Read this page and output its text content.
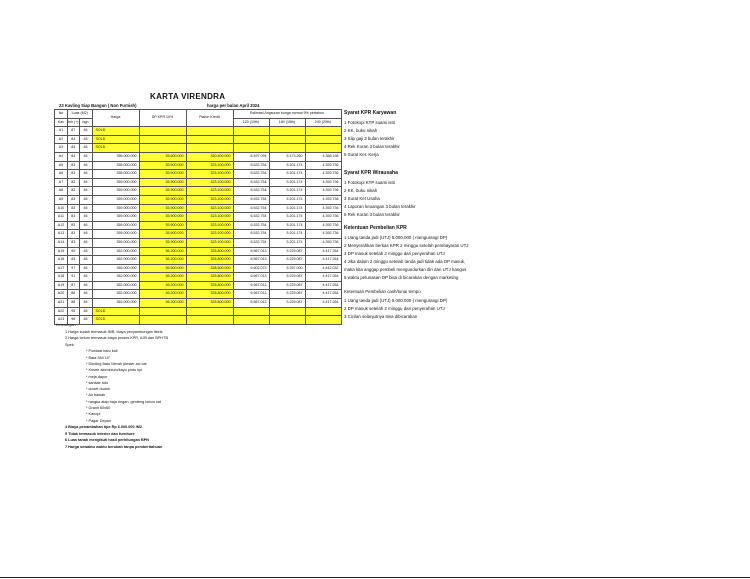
KARTA VIRENDRA
23 Kavling Siap Bangun ( Non Furnish)	harga per bulan April 2024
No	Luas (M2)		Harga	DP KPR 10%	Plafon Kredit	Estimasi Angsuran bunga normal 9% pertahun		
	tnh (+)	bgn				120 (10th)	180 (15th)	240 (20th)
Kav								
A1	87	46	SOLD					
A2	84	46	SOLD					
A3	84	46	SOLD					
A4	84	46	356.000.000	35.600.000	320.400.000	6.497.094	5.173.260	4.368.198
A5	83	46	359.000.000	35.900.000	323.100.000	6.532.754	5.201.174	4.392.736
A6	83	46	359.000.000	35.900.000	323.100.000	6.532.754	5.201.174	4.392.736
A7	83	46	359.000.000	35.900.000	323.100.000	6.532.754	5.201.174	4.392.736
A8	83	46	359.000.000	35.900.000	323.100.000	6.532.754	5.201.174	4.392.736
A9	83	46	359.000.000	35.900.000	323.100.000	6.532.754	5.201.174	4.392.736
A10	83	46	359.000.000	35.900.000	323.100.000	6.532.754	5.201.174	4.392.736
A11	83	46	359.000.000	35.900.000	323.100.000	6.532.754	5.201.174	4.392.736
A12	83	46	359.000.000	35.900.000	323.100.000	6.532.754	5.201.174	4.392.736
A13	83	46	359.000.000	35.900.000	323.100.000	6.532.754	5.201.174	4.392.736
A14	83	46	359.000.000	35.900.000	323.100.000	6.532.754	5.201.174	4.392.736
A15	90	46	362.000.000	36.200.000	325.800.000	6.567.013	5.229.087	4.417.264
A16	83	46	362.000.000	36.200.000	325.800.000	6.567.013	5.229.087	4.417.264
A17	97	46	365.000.000	36.500.000	328.500.000	6.602.073	5.257.000	4.442.032
A18	91	46	362.000.000	36.200.000	325.800.000	6.567.013	5.229.087	4.417.264
A19	87	46	362.000.000	36.200.000	325.800.000	6.567.013	5.229.087	4.417.264
A20	88	46	362.000.000	36.200.000	325.800.000	6.567.013	5.229.087	4.417.264
A21	88	46	362.000.000	36.200.000	325.800.000	6.567.013	5.229.087	4.417.264
A22	95	46	SOLD					
A23	96	46	SOLD					
Keterangan :
1 Harga sudah termasuk IMB, biaya penyambungan listrik
2 Harga belum termasuk biaya proses KPR, AJB dan BPHTB
Spek:
* Pondasi batu kali
* Bata SNI 10"
* Dinding Batu Merah plester aci cat
* Kusen aluminium/kayu pintu hpl
* meja dapur
* sanitair toto
* closet duduk
* Air bawah
* rangka atap baja ringan, genteng beton kat
* Granit 60x60
* Kanopi
* Pagar Depan
4 Biaya penambahan tipe Rp 6.000.000 /M2
5 Tidak termasuk interior dan furniture
6 Luas tanah mengikuti hasil perhitungan BPN
7 Harga sewaktu waktu berubah tanpa pemberitahuan
Syarat KPR Karyawan
1 Fotokopi KTP suami istri
2 KK, buku nikah
3 Slip gaji 3 bulan terakhir
4 Rek Koran 3 bulan terakhir
5 Surat Ket. Kerja
Syarat KPR Wirausaha
1 Fotokopi KTP suami istri
2 KK, buku nikah
3 Surat Ket Usaha
4 Laporan keuangan 3 bulan terakhir
5 Rek Koran 3 bulan terakhir
Ketentuan Pembelian KPR
1 Uang tanda jadi (UTJ) 5.000.000 ( mengurangi DP)
2 Menyerahkan berkas KPR 2 minggu setelah pembayaran UTJ
3 DP masuk setelah 2 minggu dari penyerahan UTJ
4 Jika dalam 2 minggu setelah tanda jadi tidak ada DP masuk,
maka kita anggap pembeli mengundurkan diri dan UTJ hangus
5 waktu pelunasan DP bisa di bicarakan dengan marketing
Ketentuan Pembelian cash/tunai tempo
1 Uang tanda jadi (UTJ) 5.000.000 ( mengurangi DP)
2 DP masuk setelah 2 minggu dari penyerahan UTJ
3 Cicilan selanjutnya bisa dibicarakan
